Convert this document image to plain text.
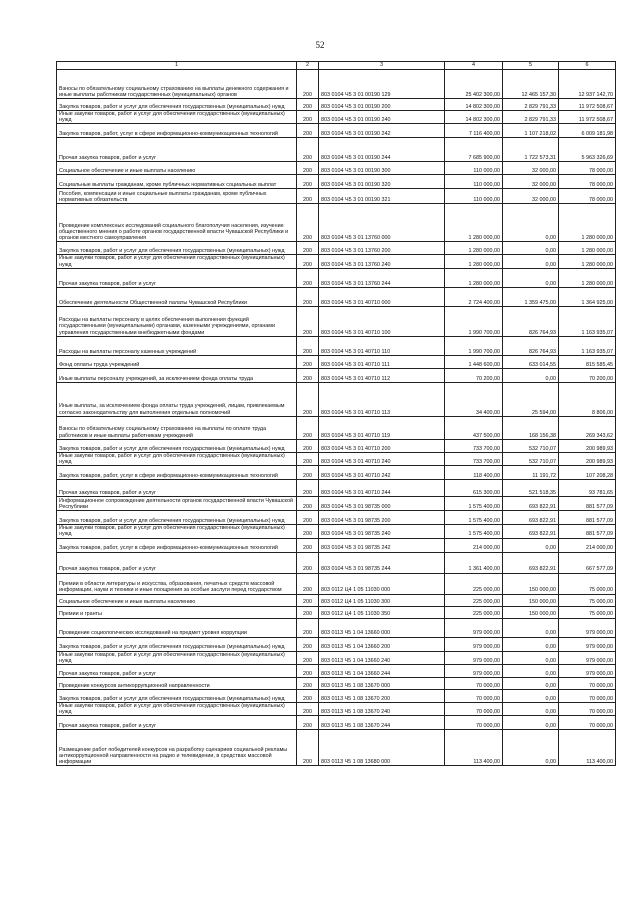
52
1	2	3	4	5	6
Взносы по обязательному социальному страхованию на выплаты денежного содержания и иные выплаты работникам государственных (муниципальных) органов	200	803 0104 Ч5 3 01 00190 129	25 402 300,00	12 465 157,30	12 937 142,70
Закупка товаров, работ и услуг для обеспечения государственных (муниципальных) нужд	200	803 0104 Ч5 3 01 00190 200	14 802 300,00	2 829 791,33	11 972 508,67
Иные закупки товаров, работ и услуг для обеспечения государственных (муниципальных) нужд	200	803 0104 Ч5 3 01 00190 240	14 802 300,00	2 829 791,33	11 972 508,67
Закупка товаров, работ, услуг в сфере информационно-коммуникационных технологий	200	803 0104 Ч5 3 01 00190 242	7 116 400,00	1 107 218,02	6 009 181,98
Прочая закупка товаров, работ и услуг	200	803 0104 Ч5 3 01 00190 244	7 685 900,00	1 722 573,31	5 963 326,69
Социальное обеспечение и иные выплаты населению	200	803 0104 Ч5 3 01 00190 300	110 000,00	32 000,00	78 000,00
Социальные выплаты гражданам, кроме публичных нормативных социальных выплат	200	803 0104 Ч5 3 01 00190 320	110 000,00	32 000,00	78 000,00
Пособия, компенсации и иные социальные выплаты гражданам, кроме публичных нормативных обязательств	200	803 0104 Ч5 3 01 00190 321	110 000,00	32 000,00	78 000,00
Проведение комплексных исследований социального благополучия населения, изучение общественного мнения о работе органов государственной власти Чувашской Республики и органов местного самоуправления	200	803 0104 Ч5 3 01 13760 000	1 280 000,00	0,00	1 280 000,00
Закупка товаров, работ и услуг для обеспечения государственных (муниципальных) нужд	200	803 0104 Ч5 3 01 13760 200	1 280 000,00	0,00	1 280 000,00
Иные закупки товаров, работ и услуг для обеспечения государственных (муниципальных) нужд	200	803 0104 Ч5 3 01 13760 240	1 280 000,00	0,00	1 280 000,00
Прочая закупка товаров, работ и услуг	200	803 0104 Ч5 3 01 13760 244	1 280 000,00	0,00	1 280 000,00
Обеспечение деятельности Общественной палаты Чувашской Республики	200	803 0104 Ч5 3 01 40710 000	2 724 400,00	1 359 475,00	1 364 925,00
Расходы на выплаты персоналу в целях обеспечения выполнения функций государственными (муниципальными) органами, казенными учреждениями, органами управления государственными внебюджетными фондами	200	803 0104 Ч5 3 01 40710 100	1 990 700,00	826 764,93	1 163 935,07
Расходы на выплаты персоналу казенных учреждений	200	803 0104 Ч5 3 01 40710 110	1 990 700,00	826 764,93	1 163 935,07
Фонд оплаты труда учреждений	200	803 0104 Ч5 3 01 40710 111	1 448 600,00	633 014,55	815 585,45
Иные выплаты персоналу учреждений, за исключением фонда оплаты труда	200	803 0104 Ч5 3 01 40710 112	70 200,00	0,00	70 200,00
Иные выплаты, за исключением фонда оплаты труда учреждений, лицам, привлекаемым согласно законодательству для выполнения отдельных полномочий	200	803 0104 Ч5 3 01 40710 113	34 400,00	25 594,00	8 806,00
Взносы по обязательному социальному страхованию на выплаты по оплате труда работников и иные выплаты работникам учреждений	200	803 0104 Ч5 3 01 40710 119	437 500,00	168 156,38	269 343,62
Закупка товаров, работ и услуг для обеспечения государственных (муниципальных) нужд	200	803 0104 Ч5 3 01 40710 200	733 700,00	532 710,07	200 989,93
Иные закупки товаров, работ и услуг для обеспечения государственных (муниципальных) нужд	200	803 0104 Ч5 3 01 40710 240	733 700,00	532 710,07	200 989,93
Закупка товаров, работ, услуг в сфере информационно-коммуникационных технологий	200	803 0104 Ч5 3 01 40710 242	118 400,00	11 191,72	107 208,28
Прочая закупка товаров, работ и услуг	200	803 0104 Ч5 3 01 40710 244	615 300,00	521 518,35	93 781,65
Информационное сопровождение деятельности органов государственной власти Чувашской Республики	200	803 0104 Ч5 3 01 98735 000	1 575 400,00	693 822,91	881 577,09
Закупка товаров, работ и услуг для обеспечения государственных (муниципальных) нужд	200	803 0104 Ч5 3 01 98735 200	1 575 400,00	693 822,91	881 577,09
Иные закупки товаров, работ и услуг для обеспечения государственных (муниципальных) нужд	200	803 0104 Ч5 3 01 98735 240	1 575 400,00	693 822,91	881 577,09
Закупка товаров, работ, услуг в сфере информационно-коммуникационных технологий	200	803 0104 Ч5 3 01 98735 242	214 000,00	0,00	214 000,00
Прочая закупка товаров, работ и услуг	200	803 0104 Ч5 3 01 98735 244	1 361 400,00	693 822,91	667 577,09
Премии в области литературы и искусства, образования, печатных средств массовой информации, науки и техники и иные поощрения за особые заслуги перед государством	200	803 0112 Ц4 1 05 11030 000	225 000,00	150 000,00	75 000,00
Социальное обеспечение и иные выплаты населению	200	803 0112 Ц4 1 05 11030 300	225 000,00	150 000,00	75 000,00
Премии и гранты	200	803 0112 Ц4 1 05 11030 350	225 000,00	150 000,00	75 000,00
Проведение социологических исследований на предмет уровня коррупции	200	803 0113 Ч5 1 04 13660 000	979 000,00	0,00	979 000,00
Закупка товаров, работ и услуг для обеспечения государственных (муниципальных) нужд	200	803 0113 Ч5 1 04 13660 200	979 000,00	0,00	979 000,00
Иные закупки товаров, работ и услуг для обеспечения государственных (муниципальных) нужд	200	803 0113 Ч5 1 04 13660 240	979 000,00	0,00	979 000,00
Прочая закупка товаров, работ и услуг	200	803 0113 Ч5 1 04 13660 244	979 000,00	0,00	979 000,00
Проведение конкурсов антикоррупционной направленности	200	803 0113 Ч5 1 08 13670 000	70 000,00	0,00	70 000,00
Закупка товаров, работ и услуг для обеспечения государственных (муниципальных) нужд	200	803 0113 Ч5 1 08 13670 200	70 000,00	0,00	70 000,00
Иные закупки товаров, работ и услуг для обеспечения государственных (муниципальных) нужд	200	803 0113 Ч5 1 08 13670 240	70 000,00	0,00	70 000,00
Прочая закупка товаров, работ и услуг	200	803 0113 Ч5 1 08 13670 244	70 000,00	0,00	70 000,00
Размещение работ победителей конкурсов на разработку сценариев социальной рекламы антикоррупционной направленности на радио и телевидении, в средствах массовой информации	200	803 0113 Ч5 1 08 13680 000	113 400,00	0,00	113 400,00
